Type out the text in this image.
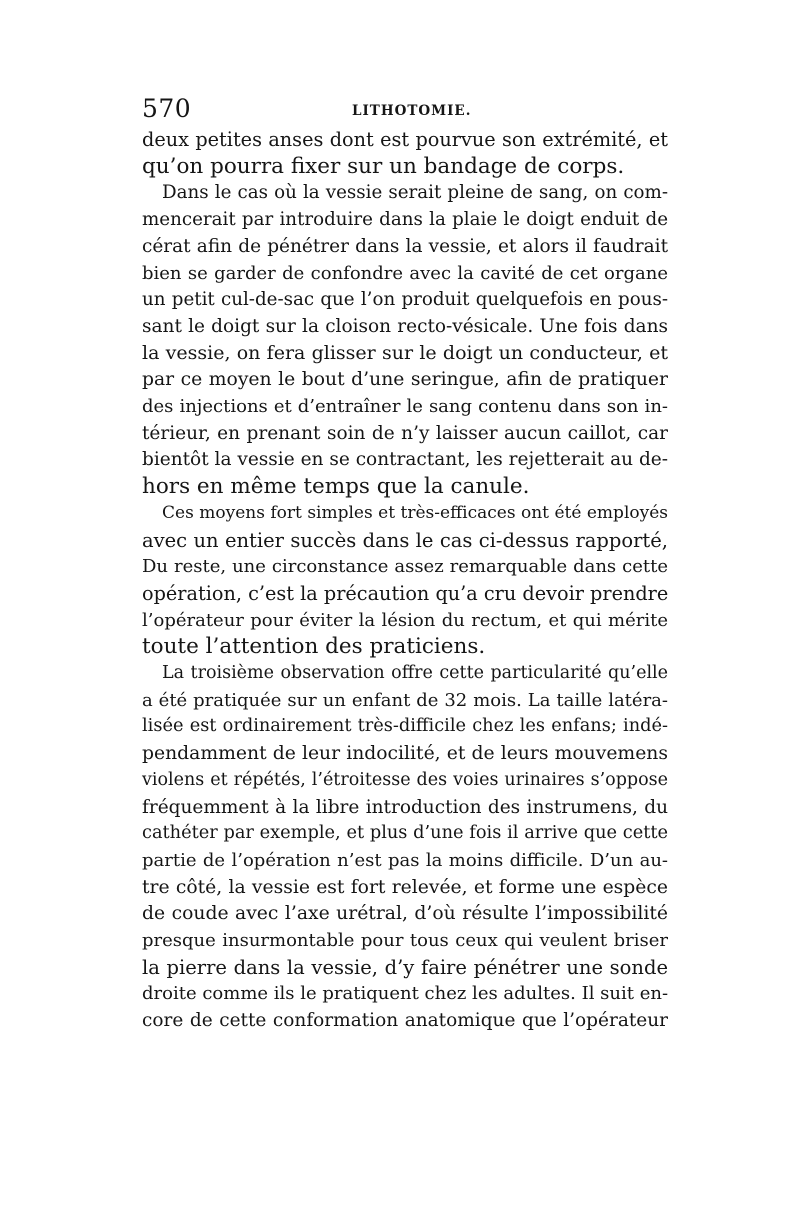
570	LITHOTOMIE.
deux petites anses dont est pourvue son extrémité, et
qu’on pourra fixer sur un bandage de corps.
Dans le cas où la vessie serait pleine de sang, on com-
mencerait par introduire dans la plaie le doigt enduit de
cérat afin de pénétrer dans la vessie, et alors il faudrait
bien se garder de confondre avec la cavité de cet organe
un petit cul-de-sac que l’on produit quelquefois en pous-
sant le doigt sur la cloison recto-vésicale. Une fois dans
la vessie, on fera glisser sur le doigt un conducteur, et
par ce moyen le bout d’une seringue, afin de pratiquer
des injections et d’entraîner le sang contenu dans son in-
térieur, en prenant soin de n’y laisser aucun caillot, car
bientôt la vessie en se contractant, les rejetterait au de-
hors en même temps que la canule.
Ces moyens fort simples et très-efficaces ont été employés
avec un entier succès dans le cas ci-dessus rapporté,
Du reste, une circonstance assez remarquable dans cette
opération, c’est la précaution qu’a cru devoir prendre
l’opérateur pour éviter la lésion du rectum, et qui mérite
toute l’attention des praticiens.
La troisième observation offre cette particularité qu’elle
a été pratiquée sur un enfant de 32 mois. La taille latéra-
lisée est ordinairement très-difficile chez les enfans; indé-
pendamment de leur indocilité, et de leurs mouvemens
violens et répétés, l’étroitesse des voies urinaires s’oppose
fréquemment à la libre introduction des instrumens, du
cathéter par exemple, et plus d’une fois il arrive que cette
partie de l’opération n’est pas la moins difficile. D’un au-
tre côté, la vessie est fort relevée, et forme une espèce
de coude avec l’axe urétral, d’où résulte l’impossibilité
presque insurmontable pour tous ceux qui veulent briser
la pierre dans la vessie, d’y faire pénétrer une sonde
droite comme ils le pratiquent chez les adultes. Il suit en-
core de cette conformation anatomique que l’opérateur
